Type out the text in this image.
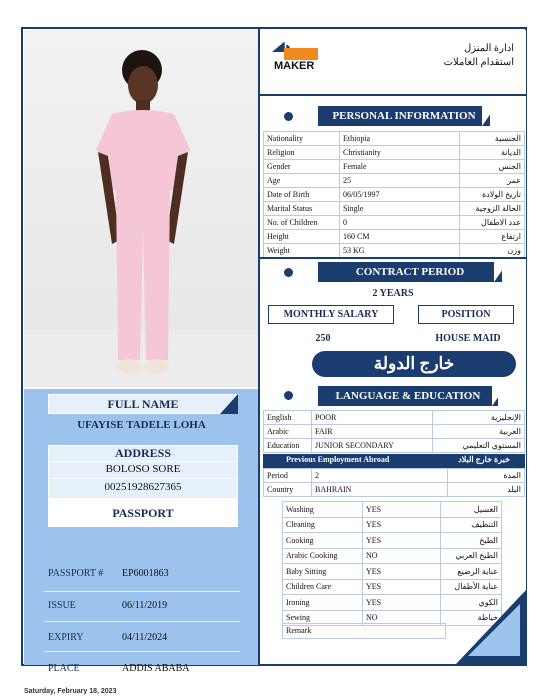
FULL NAME
UFAYISE TADELE LOHA
ADDRESS
BOLOSO SORE
00251928627365
PASSPORT
PASSPORT # EP6001863
ISSUE	06/11/2019
EXPIRY	04/11/2024
PLACE	ADDIS ABABA
HOME
MAKER
ادارة المنزل
استقدام العاملات
PERSONAL INFORMATION
Nationality	Ethiopia	الجنسية
Religion	Christianity	الديانة
Gender	Female	الجنس
Age	25	عمر
Date of Birth	06/05/1997	تاريخ الولادة
Marital Status	Single	الحالة الزوجية
No. of Children	0	عدد الاطفال
Height	160 CM	ارتفاع
Weight	53 KG	وزن
CONTRACT PERIOD
2 YEARS
MONTHLY SALARY	POSITION
250	HOUSE MAID
خارج الدولة
LANGUAGE & EDUCATION
English	POOR	الإنجليزية
Arabic	FAIR	العربية
Education	JUNIOR SECONDARY	المستوي التعليمي
Previous Employment Abroad	خبرة خارج البلاد
Period	2	المدة
Country	BAHRAIN	البلد
Washing	YES	الغسيل
Cleaning	YES	التنظيف
Cooking	YES	الطبخ
Arabic Cooking	NO	الطبخ العربي
Baby Sitting	YES	عناية الرضيع
Children Care	YES	عناية الأطفال
Ironing	YES	الكوي
Sewing	NO	خياطة
Remark
Saturday, February 18, 2023
